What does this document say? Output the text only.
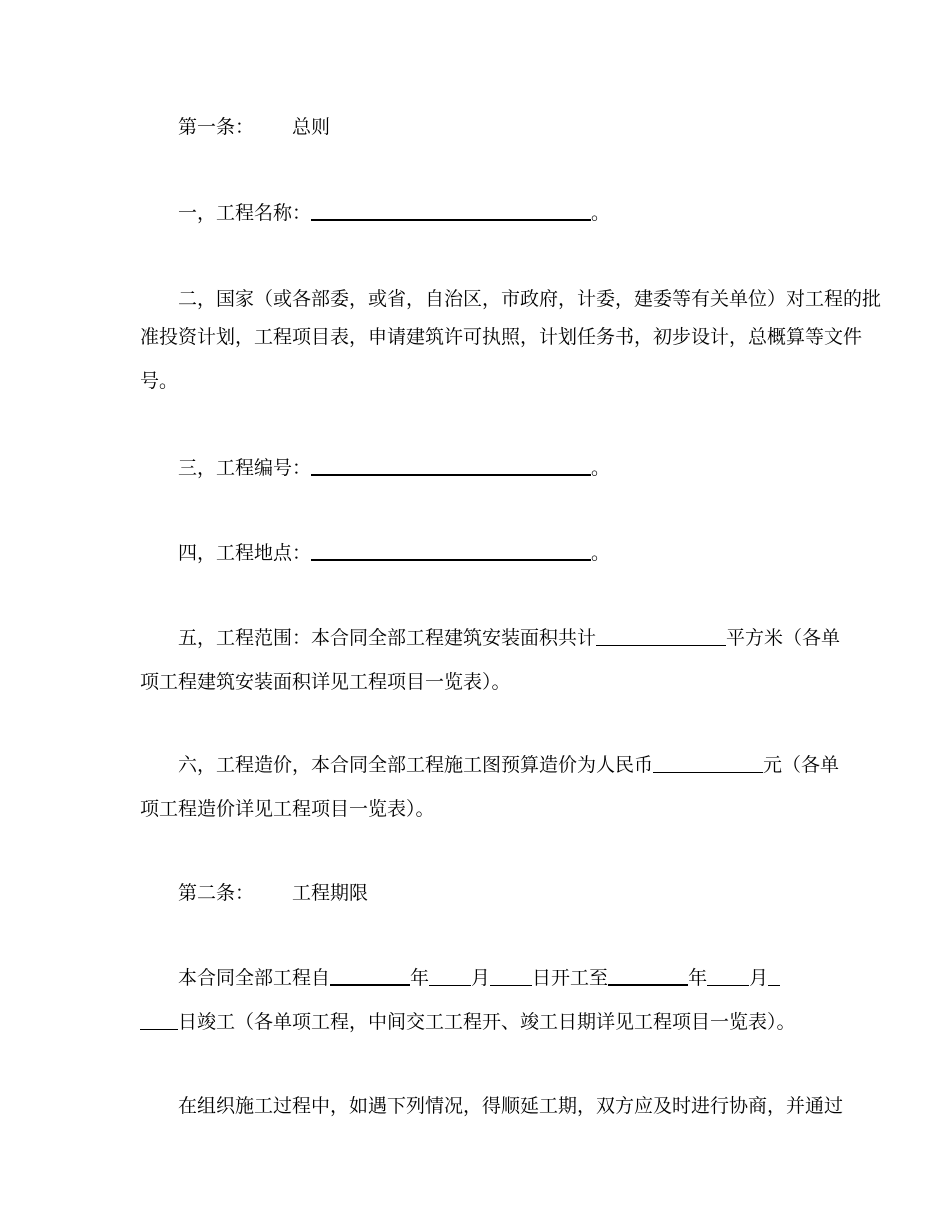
第一条： 总则
一，工程名称：	。
二，国家（或各部委，或省，自治区，市政府，计委，建委等有关单位）对工程的批
准投资计划，工程项目表，申请建筑许可执照，计划任务书，初步设计，总概算等文件
号。
三，工程编号：	。
四，工程地点：	。
五，工程范围：本合同全部工程建筑安装面积共计	平方米（各单
项工程建筑安装面积详见工程项目一览表）。
六，工程造价，本合同全部工程施工图预算造价为人民币	元（各单
项工程造价详见工程项目一览表）。
第二条： 工程期限
本合同全部工程自	年 月 日开工至	年 月
日竣工（各单项工程，中间交工工程开、竣工日期详见工程项目一览表）。
在组织施工过程中，如遇下列情况，得顺延工期，双方应及时进行协商，并通过
